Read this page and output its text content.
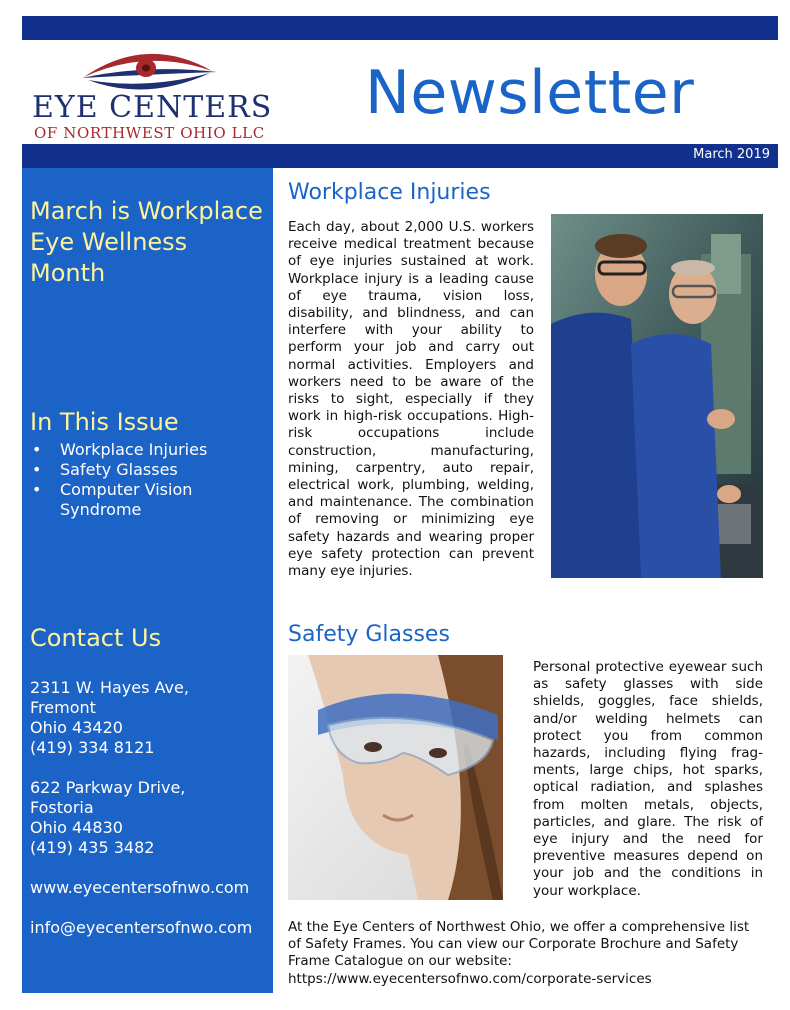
EYE CENTERS
OF NORTHWEST OHIO LLC
Newsletter
March 2019
March is Workplace Eye Wellness Month
In This Issue
• Workplace Injuries
• Safety Glasses
• Computer Vision Syndrome
Contact Us
2311 W. Hayes Ave,
Fremont
Ohio 43420
(419) 334 8121
622 Parkway Drive,
Fostoria
Ohio 44830
(419) 435 3482
www.eyecentersofnwo.com
info@eyecentersofnwo.com
Workplace Injuries
Each day, about 2,000 U.S. workers receive medical treatment because of eye injuries sustained at work. Workplace injury is a leading cause of eye trauma, vision loss, disability, and blindness, and can interfere with your ability to perform your job and carry out normal activities. Employers and workers need to be aware of the risks to sight, especially if they work in high-risk occupations. High-risk occupations include construction, manufacturing, mining, carpentry, auto repair, electrical work, plumbing, welding, and maintenance. The combination of removing or minimizing eye safety hazards and wearing proper eye safety protection can prevent many eye injuries.
Safety Glasses
Personal protective eyewear such as safety glasses with side shields, goggles, face shields, and/or welding helmets can protect you from common hazards, including flying frag-ments, large chips, hot sparks, optical radiation, and splashes from molten metals, objects, particles, and glare. The risk of eye injury and the need for preventive measures depend on your job and the conditions in your workplace.
At the Eye Centers of Northwest Ohio, we offer a comprehensive list of Safety Frames. You can view our Corporate Brochure and Safety Frame Catalogue on our website:
https://www.eyecentersofnwo.com/corporate-services
